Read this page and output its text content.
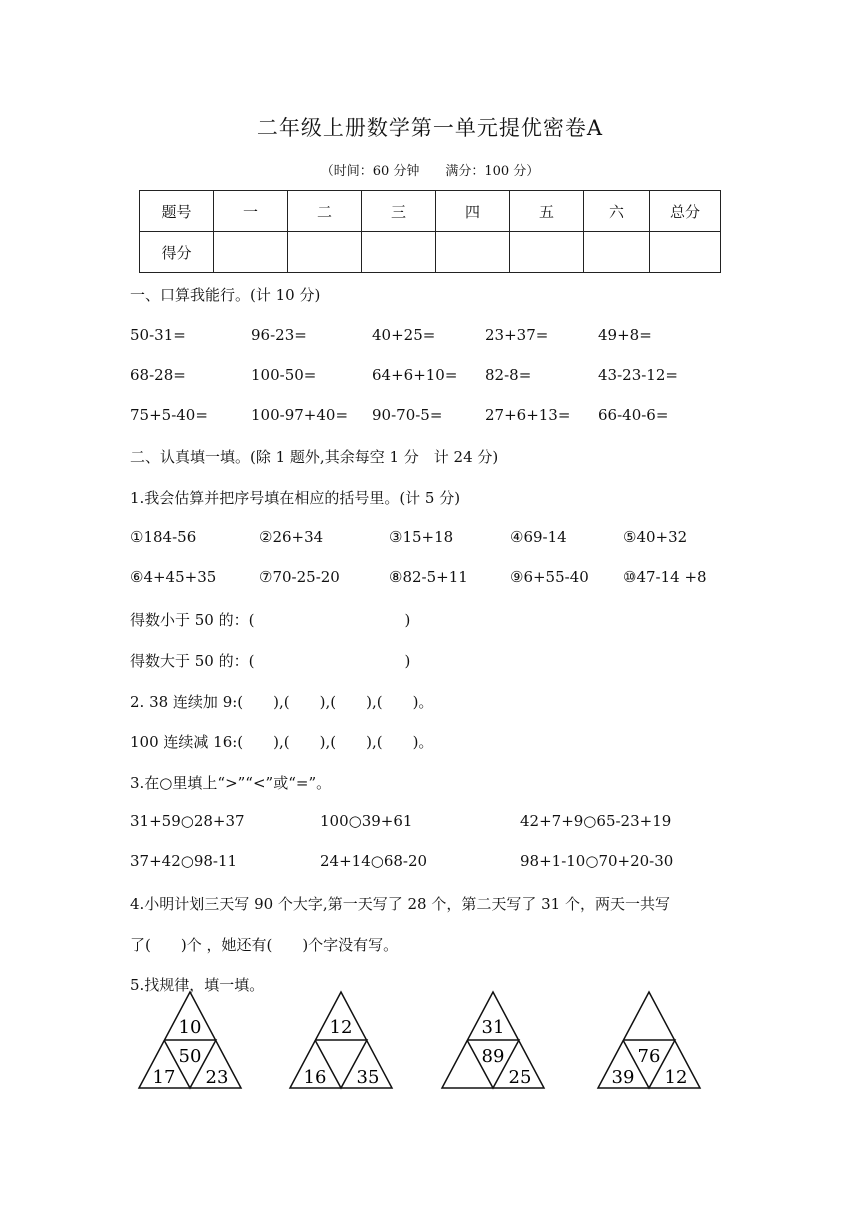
二年级上册数学第一单元提优密卷A
（时间：60 分钟　　满分：100 分）
题号	一	二	三	四	五	六	总分
得分							
一、口算我能行。(计 10 分)
50-31=	96-23=	40+25=	23+37=	49+8=
68-28=	100-50=	64+6+10= 82-8=	43-23-12=
75+5-40=	100-97+40= 90-70-5=	27+6+13= 66-40-6=
二、认真填一填。(除 1 题外,其余每空 1 分　计 24 分)
1.我会估算并把序号填在相应的括号里。(计 5 分)
①184-56	②26+34	③15+18	④69-14	⑤40+32
⑥4+45+35	⑦70-25-20	⑧82-5+11	⑨6+55-40 ⑩47-14 +8
得数小于 50 的：(　　　　　　　　　　)
得数大于 50 的：(　　　　　　　　　　)
2. 38 连续加 9:(　　),(　　),(　　),(　　)。
100 连续减 16:(　　),(　　),(　　),(　　)。
3.在○里填上“>”“<”或“=”。
31+59○28+37	100○39+61	42+7+9○65-23+19
37+42○98-11	24+14○68-20	98+1-10○70+20-30
4.小明计划三天写 90 个大字,第一天写了 28 个，第二天写了 31 个，两天一共写
了(　　)个 ，她还有(　　)个字没有写。
5.找规律，填一填。
10
50
17 23
12
16 35
31
89
25
76
39 12
